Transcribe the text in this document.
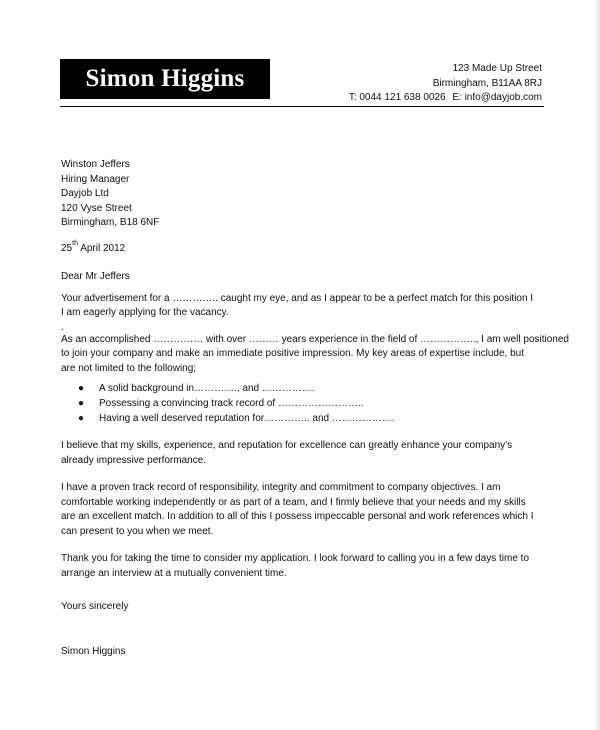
Simon Higgins	123 Made Up Street
Birmingham, B11AA 8RJ
T: 0044 121 638 0026 E: info@dayjob.com
Winston Jeffers
Hiring Manager
Dayjob Ltd
120 Vyse Street
Birmingham, B18 6NF
25th April 2012
Dear Mr Jeffers

Your advertisement for a ………….. caught my eye, and as I appear to be a perfect match for this position I
I am eagerly applying for the vacancy.
.

As an accomplished …………… with over ……… years experience in the field of …………….., I am well positioned
to join your company and make an immediate positive impression. My key areas of expertise include, but
are not limited to the following;

● A solid background in…………., and …………….
● Possessing a convincing track record of ……………………..
● Having a well deserved reputation for………….. and ……………….

I believe that my skills, experience, and reputation for excellence can greatly enhance your company’s
already impressive performance.

I have a proven track record of responsibility, integrity and commitment to company objectives. I am
comfortable working independently or as part of a team, and I firmly believe that your needs and my skills
are an excellent match. In addition to all of this I possess impeccable personal and work references which I
can present to you when we meet.

Thank you for taking the time to consider my application. I look forward to calling you in a few days time to
arrange an interview at a mutually convenient time.

Yours sincerely
Simon Higgins
